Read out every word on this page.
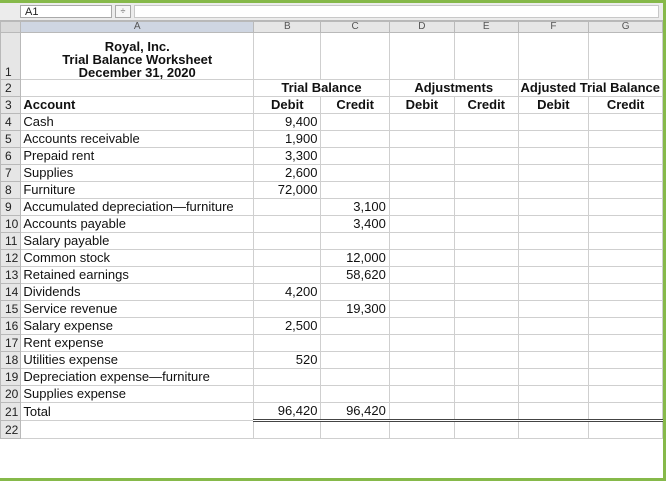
A1	÷
	A	B	C	D	E	F	G
1	Royal, Inc.
Trial Balance Worksheet
December 31, 2020						

2		Trial Balance		Adjustments		Adjusted Trial Balance	
3	Account	Debit	Credit	Debit	Credit	Debit	Credit
4	Cash	9,400					
5	Accounts receivable	1,900					
6	Prepaid rent	3,300					
7	Supplies	2,600					
8	Furniture	72,000					
9	Accumulated depreciation—furniture		3,100				
10	Accounts payable		3,400				
11	Salary payable						
12	Common stock		12,000				
13	Retained earnings		58,620				
14	Dividends	4,200					
15	Service revenue		19,300				
16	Salary expense	2,500					
17	Rent expense						
18	Utilities expense	520					
19	Depreciation expense—furniture						
20	Supplies expense						
21	Total	96,420	96,420				
22							
